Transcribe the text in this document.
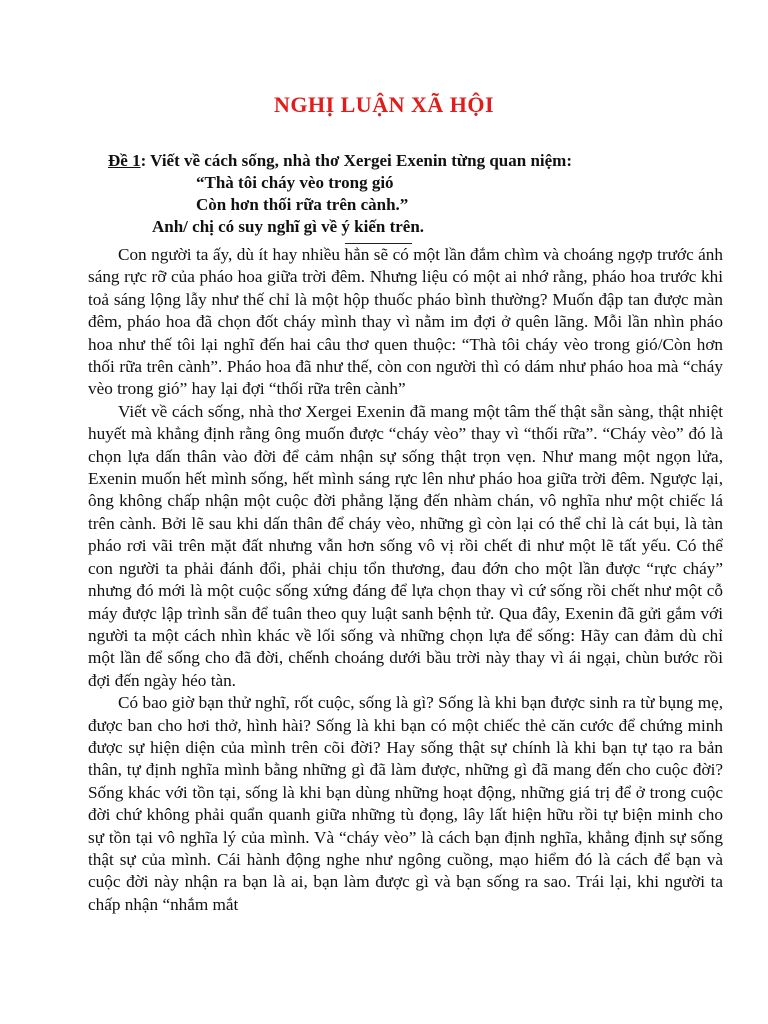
NGHỊ LUẬN XÃ HỘI
Đề 1: Viết về cách sống, nhà thơ Xergei Exenin từng quan niệm:
“Thà tôi cháy vèo trong gió
Còn hơn thối rữa trên cành.”
Anh/ chị có suy nghĩ gì về ý kiến trên.

Con người ta ấy, dù ít hay nhiều hẳn sẽ có một lần đắm chìm và choáng ngợp trước ánh sáng rực rỡ của pháo hoa giữa trời đêm. Nhưng liệu có một ai nhớ rằng, pháo hoa trước khi toả sáng lộng lẫy như thế chỉ là một hộp thuốc pháo bình thường? Muốn đập tan được màn đêm, pháo hoa đã chọn đốt cháy mình thay vì nằm im đợi ở quên lãng. Mỗi lần nhìn pháo hoa như thế tôi lại nghĩ đến hai câu thơ quen thuộc: “Thà tôi cháy vèo trong gió/Còn hơn thối rữa trên cành”. Pháo hoa đã như thế, còn con người thì có dám như pháo hoa mà “cháy vèo trong gió” hay lại đợi “thối rữa trên cành”

Viết về cách sống, nhà thơ Xergei Exenin đã mang một tâm thế thật sẵn sàng, thật nhiệt huyết mà khẳng định rằng ông muốn được “cháy vèo” thay vì “thối rữa”. “Cháy vèo” đó là chọn lựa dấn thân vào đời để cảm nhận sự sống thật trọn vẹn. Như mang một ngọn lửa, Exenin muốn hết mình sống, hết mình sáng rực lên như pháo hoa giữa trời đêm. Ngược lại, ông không chấp nhận một cuộc đời phẳng lặng đến nhàm chán, vô nghĩa như một chiếc lá trên cành. Bởi lẽ sau khi dấn thân để cháy vèo, những gì còn lại có thể chỉ là cát bụi, là tàn pháo rơi vãi trên mặt đất nhưng vẫn hơn sống vô vị rồi chết đi như một lẽ tất yếu. Có thể con người ta phải đánh đổi, phải chịu tổn thương, đau đớn cho một lần được “rực cháy” nhưng đó mới là một cuộc sống xứng đáng để lựa chọn thay vì cứ sống rồi chết như một cỗ máy được lập trình sẵn để tuân theo quy luật sanh bệnh tử. Qua đây, Exenin đã gửi gắm với người ta một cách nhìn khác về lối sống và những chọn lựa để sống: Hãy can đảm dù chỉ một lần để sống cho đã đời, chếnh choáng dưới bầu trời này thay vì ái ngại, chùn bước rồi đợi đến ngày héo tàn.

Có bao giờ bạn thử nghĩ, rốt cuộc, sống là gì? Sống là khi bạn được sinh ra từ bụng mẹ, được ban cho hơi thở, hình hài? Sống là khi bạn có một chiếc thẻ căn cước để chứng minh được sự hiện diện của mình trên cõi đời? Hay sống thật sự chính là khi bạn tự tạo ra bản thân, tự định nghĩa mình bằng những gì đã làm được, những gì đã mang đến cho cuộc đời? Sống khác với tồn tại, sống là khi bạn dùng những hoạt động, những giá trị để ở trong cuộc đời chứ không phải quẩn quanh giữa những tù đọng, lây lất hiện hữu rồi tự biện minh cho sự tồn tại vô nghĩa lý của mình. Và “cháy vèo” là cách bạn định nghĩa, khẳng định sự sống thật sự của mình. Cái hành động nghe như ngông cuồng, mạo hiểm đó là cách để bạn và cuộc đời này nhận ra bạn là ai, bạn làm được gì và bạn sống ra sao. Trái lại, khi người ta chấp nhận “nhắm mắt
